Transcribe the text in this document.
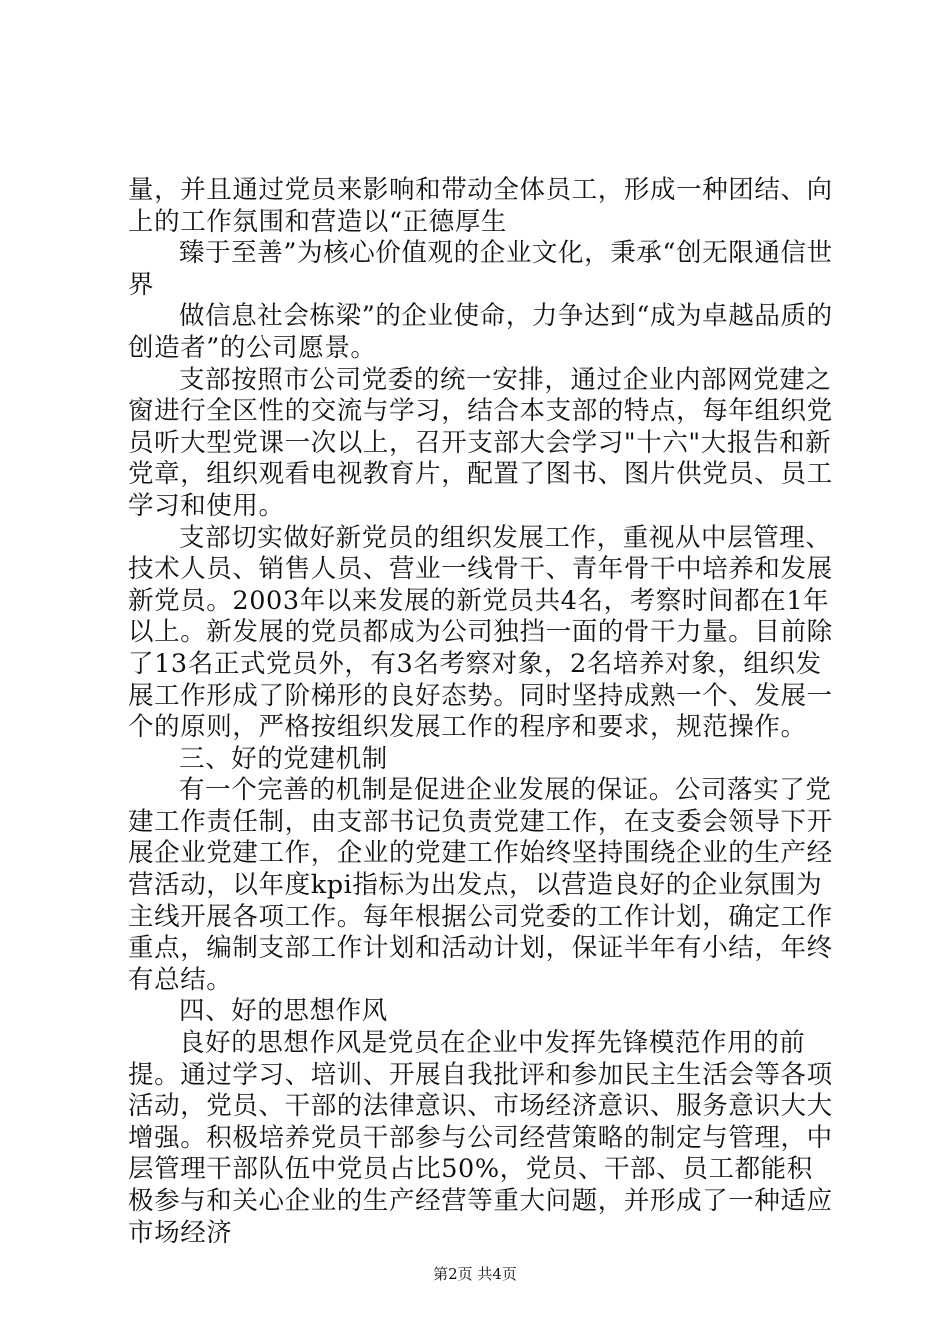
量，并且通过党员来影响和带动全体员工，形成一种团结、向上的工作氛围和营造以“正德厚生

臻于至善”为核心价值观的企业文化，秉承“创无限通信世界

做信息社会栋梁”的企业使命，力争达到“成为卓越品质的创造者”的公司愿景。

支部按照市公司党委的统一安排，通过企业内部网党建之窗进行全区性的交流与学习，结合本支部的特点，每年组织党员听大型党课一次以上，召开支部大会学习"十六"大报告和新党章，组织观看电视教育片，配置了图书、图片供党员、员工学习和使用。

支部切实做好新党员的组织发展工作，重视从中层管理、技术人员、销售人员、营业一线骨干、青年骨干中培养和发展新党员。2003年以来发展的新党员共4名，考察时间都在1年以上。新发展的党员都成为公司独挡一面的骨干力量。目前除了13名正式党员外，有3名考察对象，2名培养对象，组织发展工作形成了阶梯形的良好态势。同时坚持成熟一个、发展一个的原则，严格按组织发展工作的程序和要求，规范操作。

三、好的党建机制

有一个完善的机制是促进企业发展的保证。公司落实了党建工作责任制，由支部书记负责党建工作，在支委会领导下开展企业党建工作，企业的党建工作始终坚持围绕企业的生产经营活动，以年度kpi指标为出发点，以营造良好的企业氛围为主线开展各项工作。每年根据公司党委的工作计划，确定工作重点，编制支部工作计划和活动计划，保证半年有小结，年终有总结。

四、好的思想作风

良好的思想作风是党员在企业中发挥先锋模范作用的前提。通过学习、培训、开展自我批评和参加民主生活会等各项活动，党员、干部的法律意识、市场经济意识、服务意识大大增强。积极培养党员干部参与公司经营策略的制定与管理，中层管理干部队伍中党员占比50%，党员、干部、员工都能积极参与和关心企业的生产经营等重大问题，并形成了一种适应市场经济

第2页 共4页
